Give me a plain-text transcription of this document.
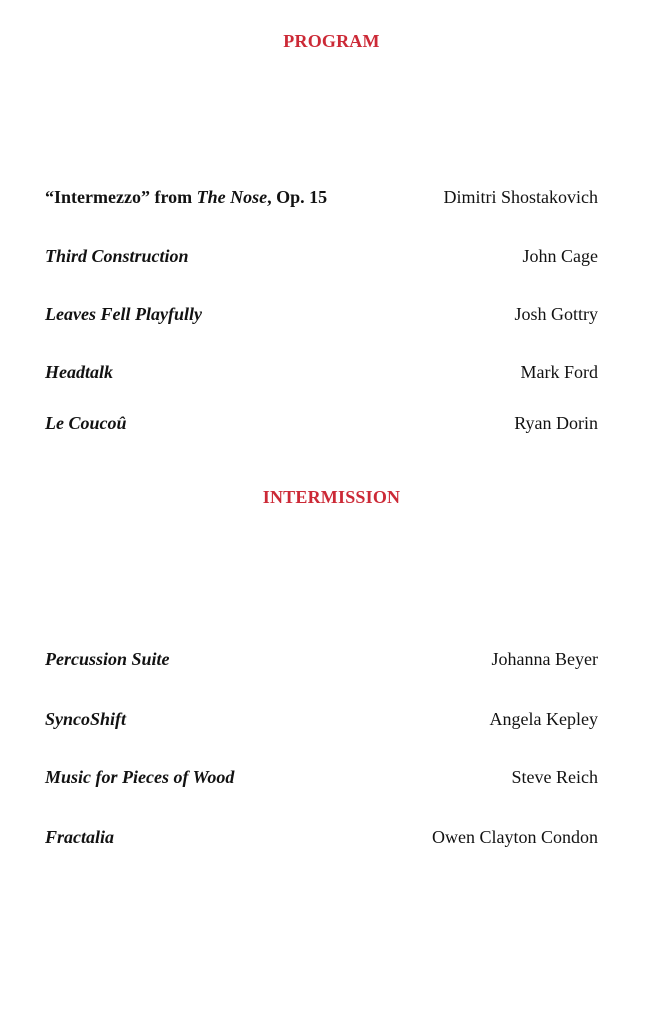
PROGRAM
“Intermezzo” from The Nose, Op. 15	Dimitri Shostakovich
Third Construction	John Cage
Leaves Fell Playfully	Josh Gottry
Headtalk	Mark Ford
Le Coucoû	Ryan Dorin
INTERMISSION
Percussion Suite	Johanna Beyer
SyncoShift	Angela Kepley
Music for Pieces of Wood	Steve Reich
Fractalia	Owen Clayton Condon
